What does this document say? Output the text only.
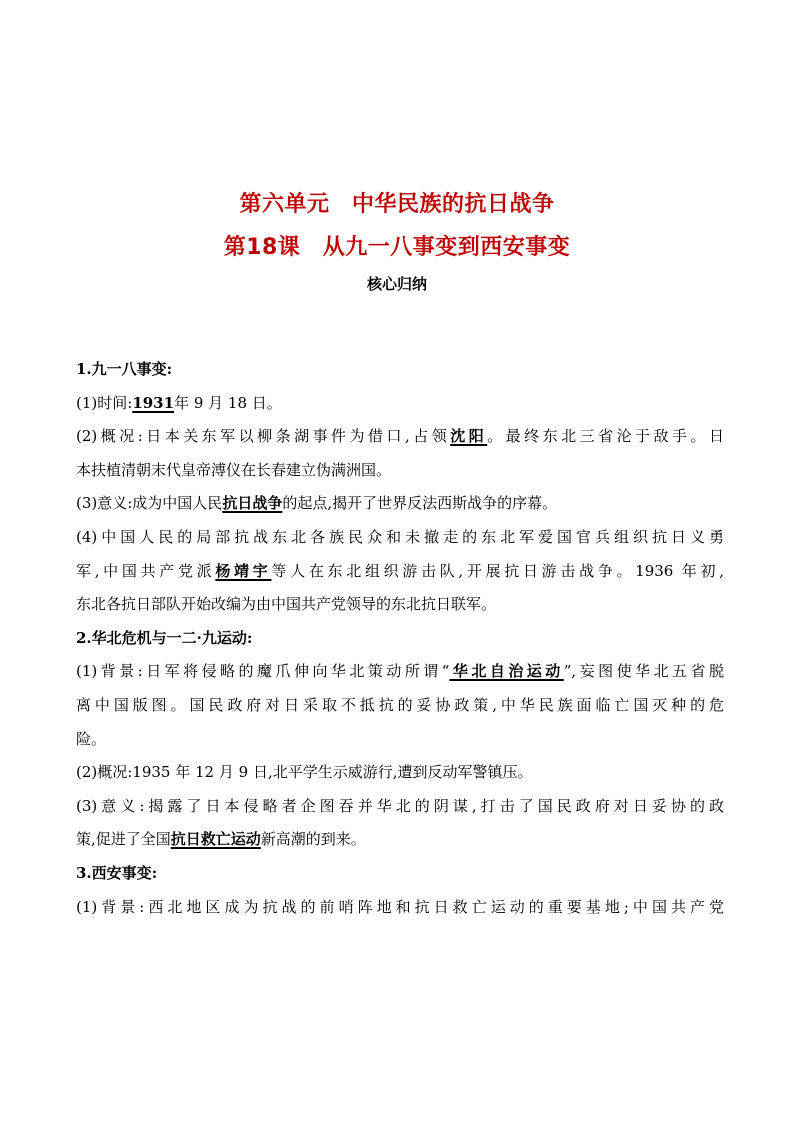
第六单元　中华民族的抗日战争
第18课　从九一八事变到西安事变
核心归纳
1.九一八事变:
(1)时间:1931年 9 月 18 日。
(2)概况:日本关东军以柳条湖事件为借口,占领沈阳。最终东北三省沦于敌手。日
本扶植清朝末代皇帝溥仪在长春建立伪满洲国。
(3)意义:成为中国人民抗日战争的起点,揭开了世界反法西斯战争的序幕。
(4)中国人民的局部抗战东北各族民众和未撤走的东北军爱国官兵组织抗日义勇
军,中国共产党派杨靖宇等人在东北组织游击队,开展抗日游击战争。1936 年初,
东北各抗日部队开始改编为由中国共产党领导的东北抗日联军。
2.华北危机与一二·九运动:
(1)背景:日军将侵略的魔爪伸向华北策动所谓“华北自治运动”,妄图使华北五省脱
离中国版图。国民政府对日采取不抵抗的妥协政策,中华民族面临亡国灭种的危
险。
(2)概况:1935 年 12 月 9 日,北平学生示威游行,遭到反动军警镇压。
(3)意义:揭露了日本侵略者企图吞并华北的阴谋,打击了国民政府对日妥协的政
策,促进了全国抗日救亡运动新高潮的到来。
3.西安事变:
(1)背景:西北地区成为抗战的前哨阵地和抗日救亡运动的重要基地;中国共产党
